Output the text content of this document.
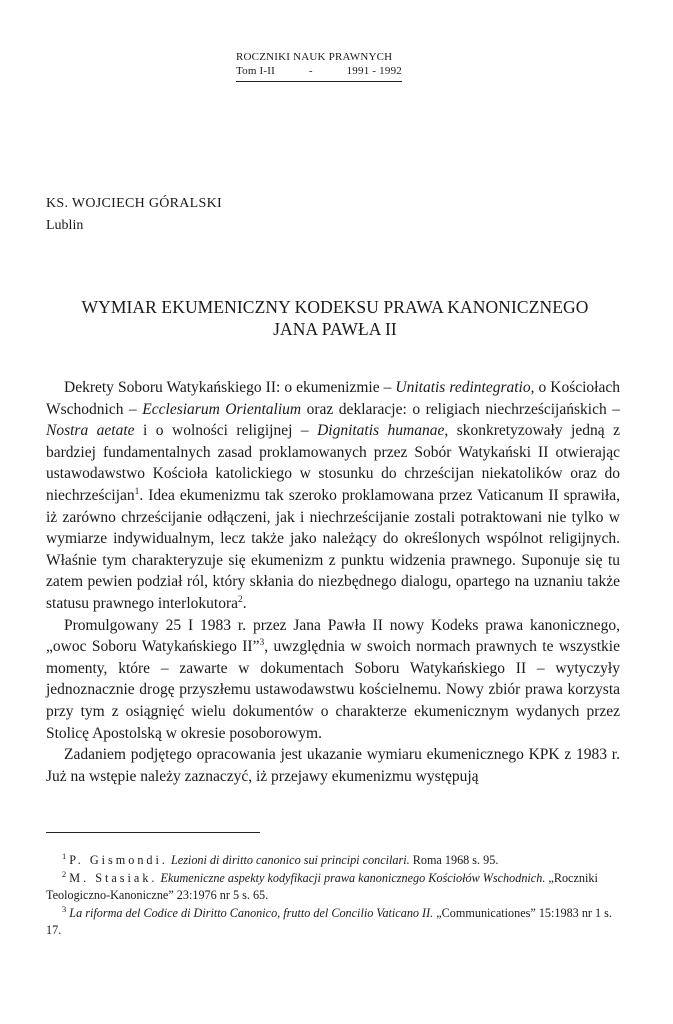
ROCZNIKI NAUK PRAWNYCH
Tom I-II	-	1991 - 1992
KS. WOJCIECH GÓRALSKI
Lublin
WYMIAR EKUMENICZNY KODEKSU PRAWA KANONICZNEGO
JANA PAWŁA II

Dekrety Soboru Watykańskiego II: o ekumenizmie – Unitatis redintegratio, o Kościołach Wschodnich – Ecclesiarum Orientalium oraz deklaracje: o religiach niechrześcijańskich – Nostra aetate i o wolności religijnej – Dignitatis humanae, skonkretyzowały jedną z bardziej fundamentalnych zasad proklamowanych przez Sobór Watykański II otwierając ustawodawstwo Kościoła katolickiego w stosunku do chrześcijan niekatolików oraz do niechrześcijan$^1$. Idea ekumenizmu tak szeroko proklamowana przez Vaticanum II sprawiła, iż zarówno chrześcijanie odłączeni, jak i niechrześcijanie zostali potraktowani nie tylko w wymiarze indywidualnym, lecz także jako należący do określonych wspólnot religijnych. Właśnie tym charakteryzuje się ekumenizm z punktu widzenia prawnego. Suponuje się tu zatem pewien podział ról, który skłania do niezbędnego dialogu, opartego na uznaniu także statusu prawnego interlokutora$^2$.

Promulgowany 25 I 1983 r. przez Jana Pawła II nowy Kodeks prawa kanonicznego, „owoc Soboru Watykańskiego II”$^3$, uwzględnia w swoich normach prawnych te wszystkie momenty, które – zawarte w dokumentach Soboru Watykańskiego II – wytyczyły jednoznacznie drogę przyszłemu ustawodawstwu kościelnemu. Nowy zbiór prawa korzysta przy tym z osiągnięć wielu dokumentów o charakterze ekumenicznym wydanych przez Stolicę Apostolską w okresie posoborowym.

Zadaniem podjętego opracowania jest ukazanie wymiaru ekumenicznego KPK z 1983 r. Już na wstępie należy zaznaczyć, iż przejawy ekumenizmu występują

$^1$ P. Gismondi. Lezioni di diritto canonico sui principi concilari. Roma 1968 s. 95.

$^2$ M. Stasiak. Ekumeniczne aspekty kodyfikacji prawa kanonicznego Kościołów Wschodnich. „Roczniki Teologiczno-Kanoniczne” 23:1976 nr 5 s. 65.

$^3$ La riforma del Codice di Diritto Canonico, frutto del Concilio Vaticano II. „Communicationes” 15:1983 nr 1 s. 17.
